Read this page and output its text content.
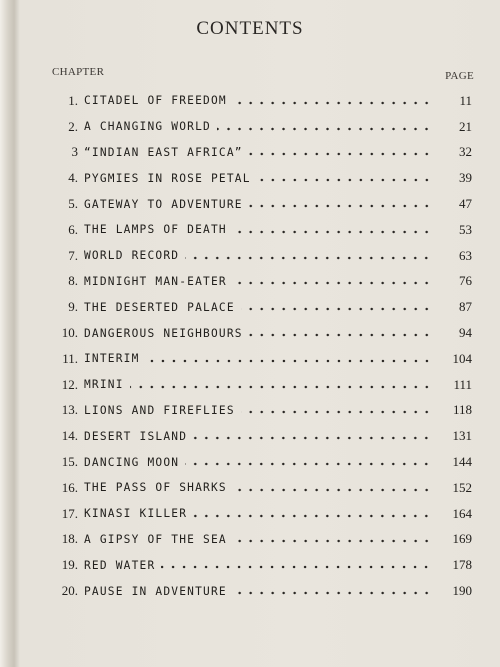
CONTENTS
CHAPTER	PAGE
1. CITADEL OF FREEDOM	11
2. A CHANGING WORLD	21
3 “INDIAN EAST AFRICA”	32
4. PYGMIES IN ROSE PETAL	39
5. GATEWAY TO ADVENTURE	47
6. THE LAMPS OF DEATH	53
7. WORLD RECORD	63
8. MIDNIGHT MAN-EATER	76
9. THE DESERTED PALACE	87
10. DANGEROUS NEIGHBOURS	94
11. INTERIM	104
12. MRINI	111
13. LIONS AND FIREFLIES	118
14. DESERT ISLAND	131
15. DANCING MOON	144
16. THE PASS OF SHARKS	152
17. KINASI KILLER	164
18. A GIPSY OF THE SEA	169
19. RED WATER	178
20. PAUSE IN ADVENTURE	190
